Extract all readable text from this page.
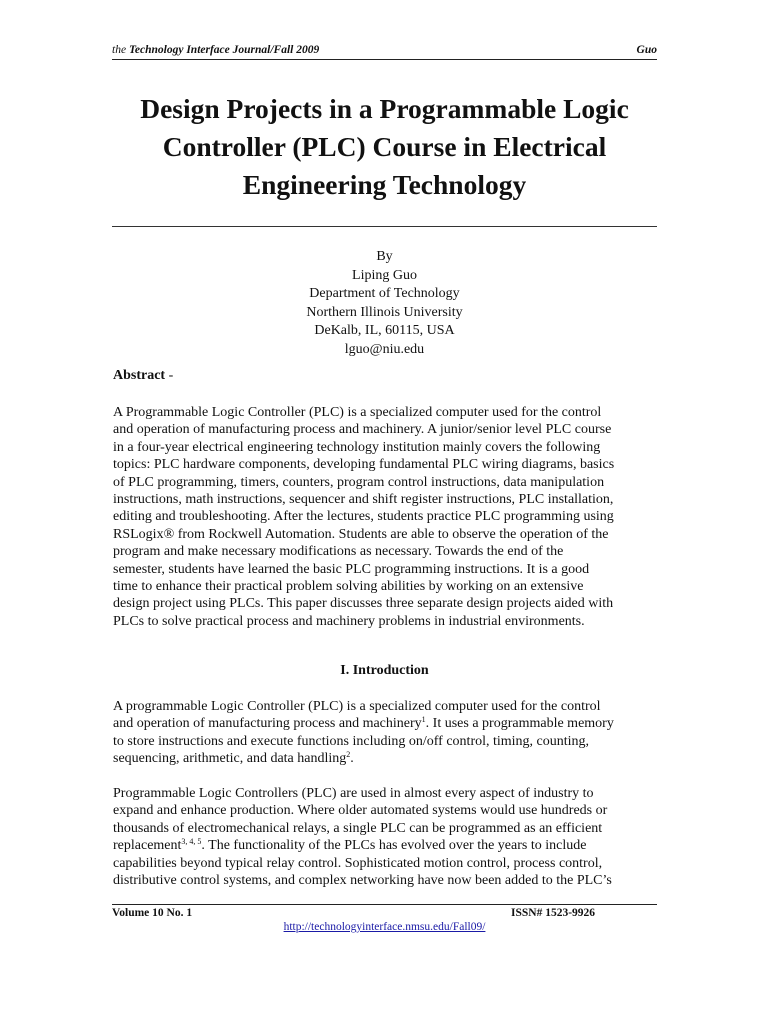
the Technology Interface Journal/Fall 2009	Guo
Design Projects in a Programmable Logic
Controller (PLC) Course in Electrical
Engineering Technology
By
Liping Guo
Department of Technology
Northern Illinois University
DeKalb, IL, 60115, USA
lguo@niu.edu
Abstract -

A Programmable Logic Controller (PLC) is a specialized computer used for the control
and operation of manufacturing process and machinery. A junior/senior level PLC course
in a four-year electrical engineering technology institution mainly covers the following
topics: PLC hardware components, developing fundamental PLC wiring diagrams, basics
of PLC programming, timers, counters, program control instructions, data manipulation
instructions, math instructions, sequencer and shift register instructions, PLC installation,
editing and troubleshooting. After the lectures, students practice PLC programming using
RSLogix® from Rockwell Automation. Students are able to observe the operation of the
program and make necessary modifications as necessary. Towards the end of the
semester, students have learned the basic PLC programming instructions. It is a good
time to enhance their practical problem solving abilities by working on an extensive
design project using PLCs. This paper discusses three separate design projects aided with
PLCs to solve practical process and machinery problems in industrial environments.

I. Introduction

A programmable Logic Controller (PLC) is a specialized computer used for the control
and operation of manufacturing process and machinery$^1$. It uses a programmable memory
to store instructions and execute functions including on/off control, timing, counting,
sequencing, arithmetic, and data handling$^2$.

Programmable Logic Controllers (PLC) are used in almost every aspect of industry to
expand and enhance production. Where older automated systems would use hundreds or
thousands of electromechanical relays, a single PLC can be programmed as an efficient
replacement$^{3, 4, 5}$. The functionality of the PLCs has evolved over the years to include
capabilities beyond typical relay control. Sophisticated motion control, process control,
distributive control systems, and complex networking have now been added to the PLC’s

Volume 10 No. 1	ISSN# 1523-9926
http://technologyinterface.nmsu.edu/Fall09/
